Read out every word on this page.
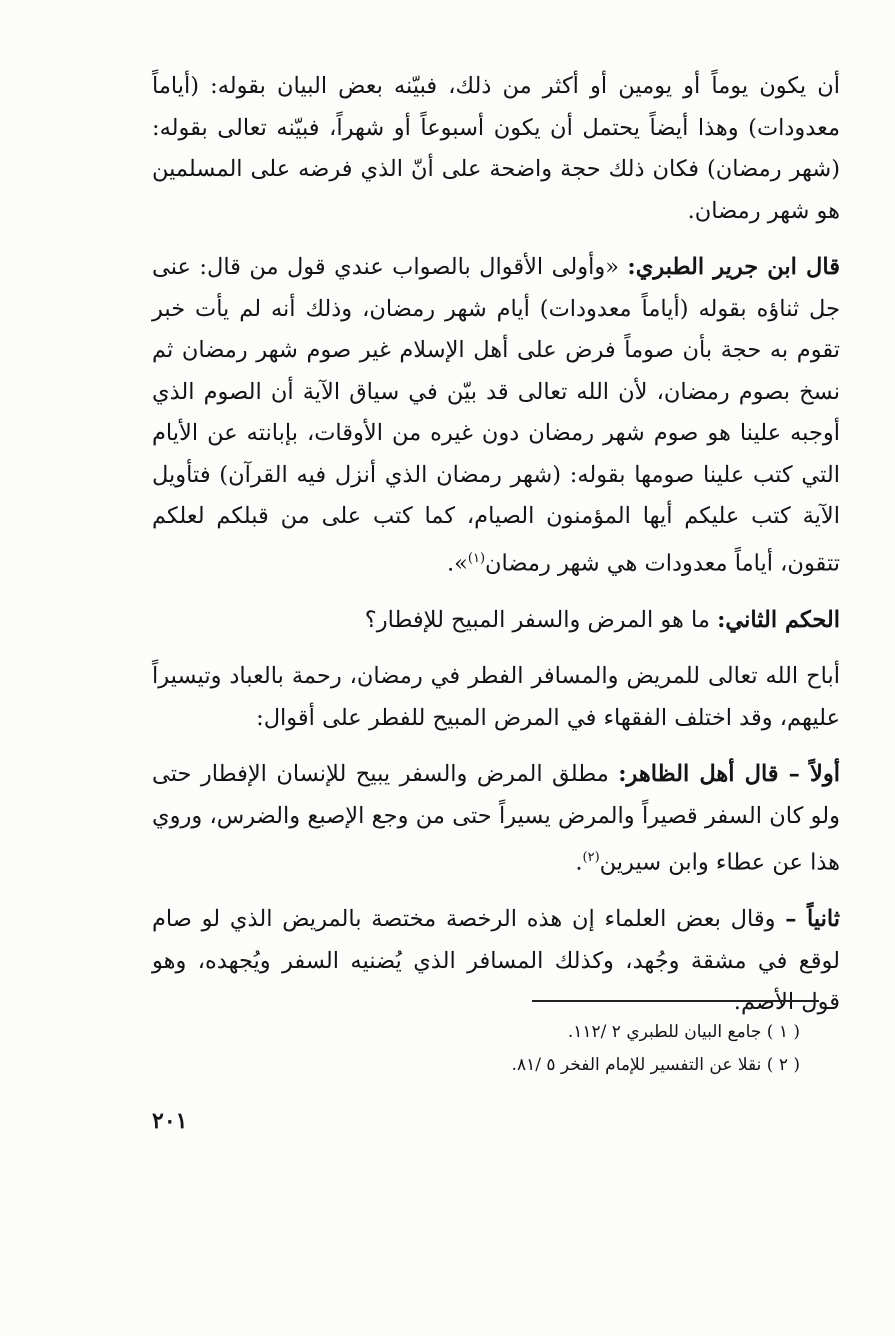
أن يكون يوماً أو يومين أو أكثر من ذلك، فبيّنه بعض البيان بقوله: (أياماً معدودات) وهذا أيضاً يحتمل أن يكون أسبوعاً أو شهراً، فبيّنه تعالى بقوله: (شهر رمضان) فكان ذلك حجة واضحة على أنّ الذي فرضه على المسلمين هو شهر رمضان.

قال ابن جرير الطبري: «وأولى الأقوال بالصواب عندي قول من قال: عنى جل ثناؤه بقوله (أياماً معدودات) أيام شهر رمضان، وذلك أنه لم يأت خبر تقوم به حجة بأن صوماً فرض على أهل الإسلام غير صوم شهر رمضان ثم نسخ بصوم رمضان، لأن الله تعالى قد بيّن في سياق الآية أن الصوم الذي أوجبه علينا هو صوم شهر رمضان دون غيره من الأوقات، بإبانته عن الأيام التي كتب علينا صومها بقوله: (شهر رمضان الذي أنزل فيه القرآن) فتأويل الآية كتب عليكم أيها المؤمنون الصيام، كما كتب على من قبلكم لعلكم تتقون، أياماً معدودات هي شهر رمضان$^{(١)}$».

الحكم الثاني: ما هو المرض والسفر المبيح للإفطار؟

أباح الله تعالى للمريض والمسافر الفطر في رمضان، رحمة بالعباد وتيسيراً عليهم، وقد اختلف الفقهاء في المرض المبيح للفطر على أقوال:

أولاً – قال أهل الظاهر: مطلق المرض والسفر يبيح للإنسان الإفطار حتى ولو كان السفر قصيراً والمرض يسيراً حتى من وجع الإصبع والضرس، وروي هذا عن عطاء وابن سيرين$^{(٢)}$.

ثانياً – وقال بعض العلماء إن هذه الرخصة مختصة بالمريض الذي لو صام لوقع في مشقة وجُهد، وكذلك المسافر الذي يُضنيه السفر ويُجهده، وهو قول الأصم.

( ١ ) جامع البيان للطبري ٢ /١١٢.
( ٢ ) نقلا عن التفسير للإمام الفخر ٥ /٨١.
٢٠١
